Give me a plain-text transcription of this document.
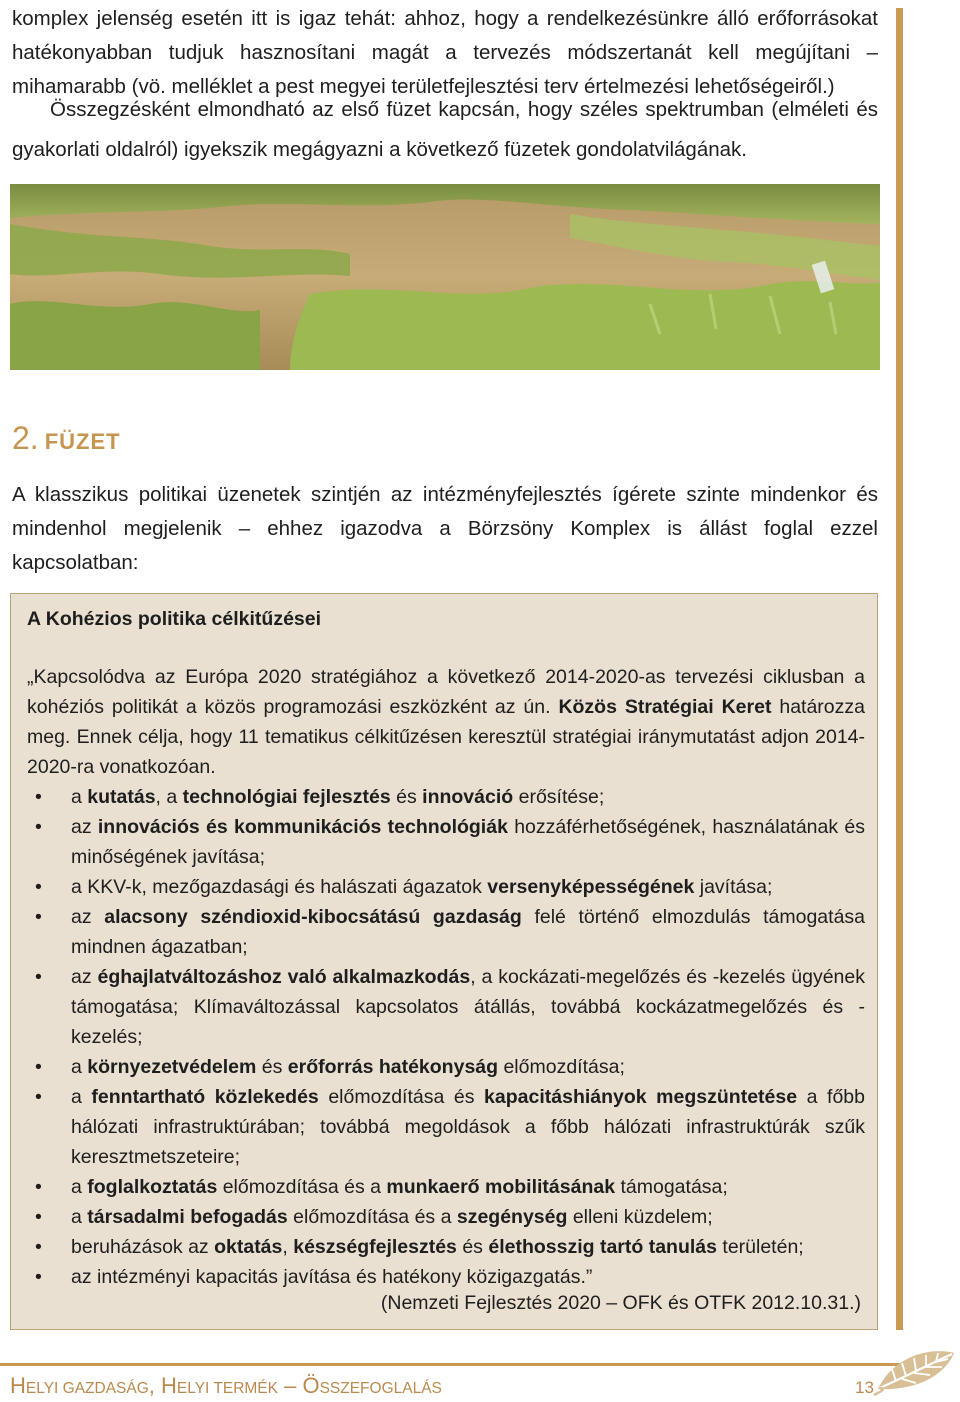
komplex jelenség esetén itt is igaz tehát: ahhoz, hogy a rendelkezésünkre álló erőforrásokat hatékonyabban tudjuk hasznosítani magát a tervezés módszertanát kell megújítani – mihamarabb (vö. melléklet a pest megyei területfejlesztési terv értelmezési lehetőségeiről.)

Összegzésként elmondható az első füzet kapcsán, hogy széles spektrumban (elméleti és gyakorlati oldalról) igyekszik megágyazni a következő füzetek gondolatvilágának.

2. FÜZET

A klasszikus politikai üzenetek szintjén az intézményfejlesztés ígérete szinte mindenkor és mindenhol megjelenik – ehhez igazodva a Börzsöny Komplex is állást foglal ezzel kapcsolatban:

A Kohézios politika célkitűzései

„Kapcsolódva az Európa 2020 stratégiához a következő 2014-2020-as tervezési ciklusban a kohéziós politikát a közös programozási eszközként az ún. Közös Stratégiai Keret határozza meg. Ennek célja, hogy 11 tematikus célkitűzésen keresztül stratégiai iránymutatást adjon 2014-2020-ra vonatkozóan.

• a kutatás, a technológiai fejlesztés és innováció erősítése;
• az innovációs és kommunikációs technológiák hozzáférhetőségének, használatának és minőségének javítása;
• a KKV-k, mezőgazdasági és halászati ágazatok versenyképességének javítása;
• az alacsony széndioxid-kibocsátású gazdaság felé történő elmozdulás támogatása mindnen ágazatban;
• az éghajlatváltozáshoz való alkalmazkodás, a kockázati-megelőzés és -kezelés ügyének támogatása; Klímaváltozással kapcsolatos átállás, továbbá kockázatmegelőzés és -kezelés;
• a környezetvédelem és erőforrás hatékonyság előmozdítása;
• a fenntartható közlekedés előmozdítása és kapacitáshiányok megszüntetése a főbb hálózati infrastruktúrában; továbbá megoldások a főbb hálózati infrastruktúrák szűk keresztmetszeteire;
• a foglalkoztatás előmozdítása és a munkaerő mobilitásának támogatása;
• a társadalmi befogadás előmozdítása és a szegénység elleni küzdelem;
• beruházások az oktatás, készségfejlesztés és élethosszig tartó tanulás területén;
• az intézményi kapacitás javítása és hatékony közigazgatás.”

(Nemzeti Fejlesztés 2020 – OFK és OTFK 2012.10.31.)

HELYI GAZDASÁG, HELYI TERMÉK – ÖSSZEFOGLALÁS	13
